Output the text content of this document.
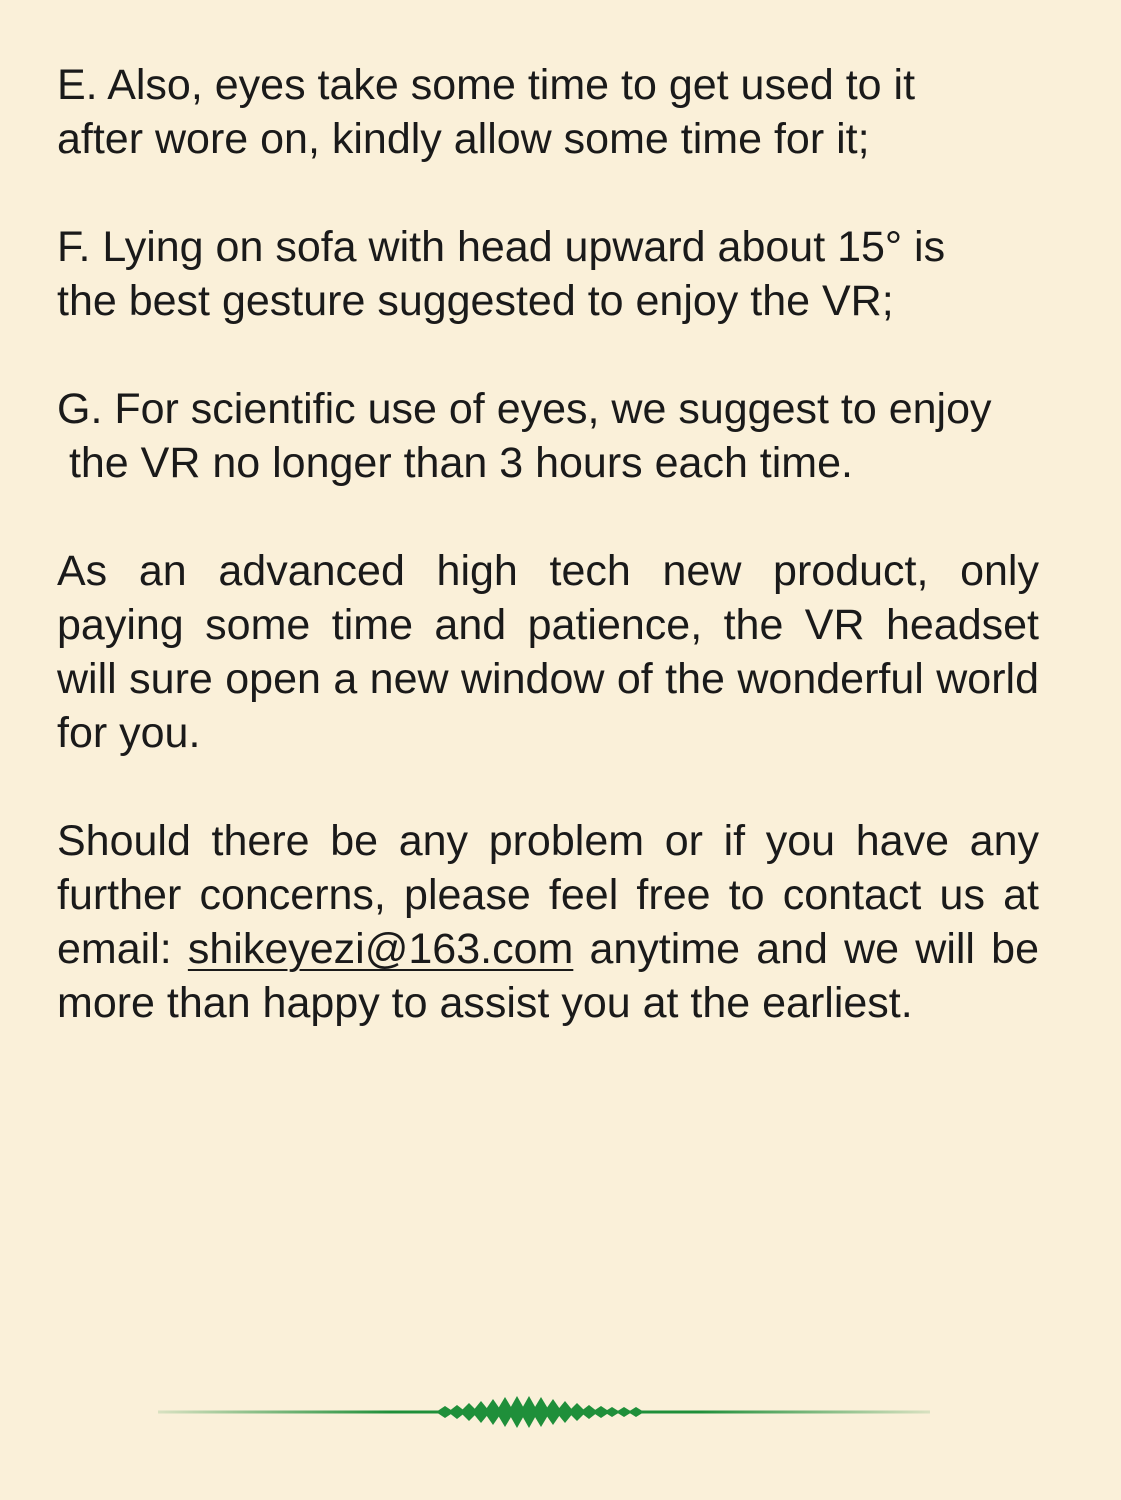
E. Also, eyes take some time to get used to it
after wore on, kindly allow some time for it;

F. Lying on sofa with head upward about 15° is
the best gesture suggested to enjoy the VR;

G. For scientific use of eyes, we suggest to enjoy
the VR no longer than 3 hours each time.

As an advanced high tech new product, only paying some time and patience, the VR headset will sure open a new window of the wonderful world for you.

Should there be any problem or if you have any further concerns, please feel free to contact us at email: shikeyezi@163.com anytime and we will be more than happy to assist you at the earliest.
